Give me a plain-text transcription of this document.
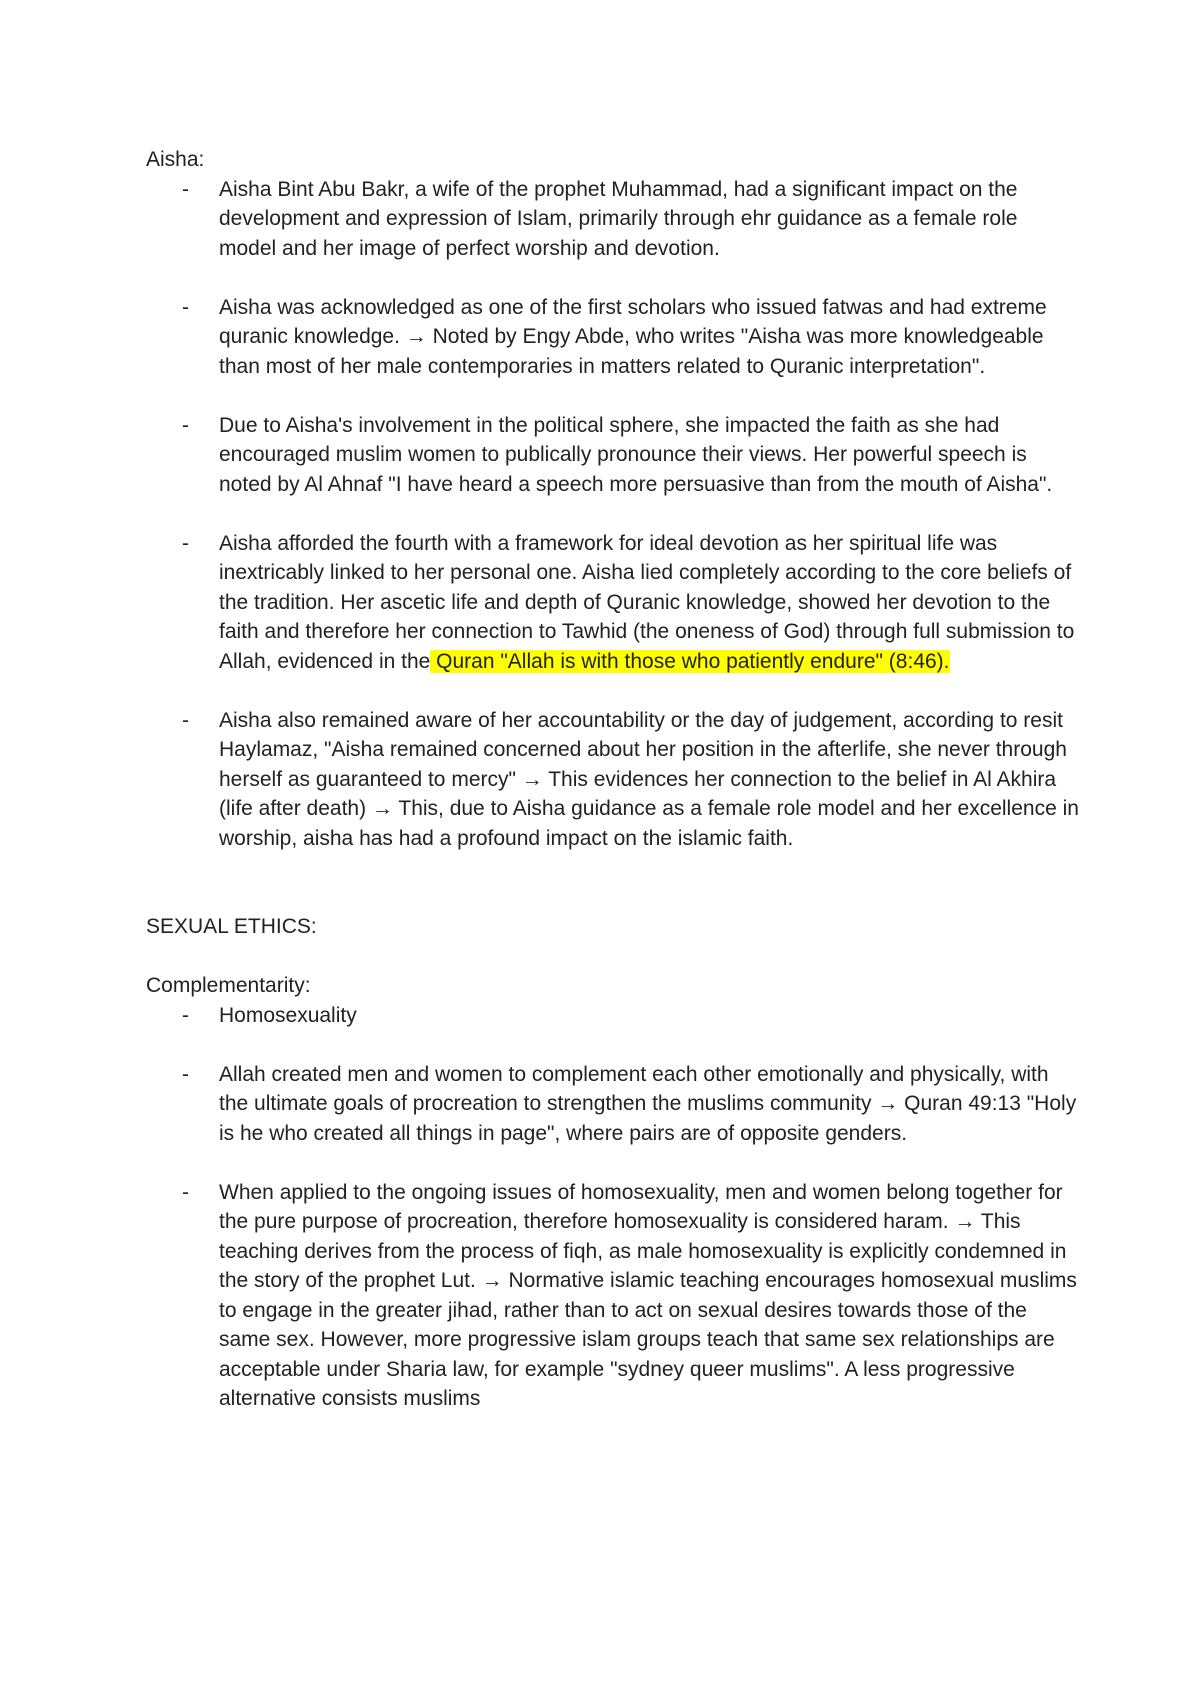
Aisha:

- Aisha Bint Abu Bakr, a wife of the prophet Muhammad, had a significant impact on the development and expression of Islam, primarily through ehr guidance as a female role model and her image of perfect worship and devotion.
- Aisha was acknowledged as one of the first scholars who issued fatwas and had extreme quranic knowledge. → Noted by Engy Abde, who writes "Aisha was more knowledgeable than most of her male contemporaries in matters related to Quranic interpretation".
- Due to Aisha's involvement in the political sphere, she impacted the faith as she had encouraged muslim women to publically pronounce their views. Her powerful speech is noted by Al Ahnaf "I have heard a speech more persuasive than from the mouth of Aisha".
- Aisha afforded the fourth with a framework for ideal devotion as her spiritual life was inextricably linked to her personal one. Aisha lied completely according to the core beliefs of the tradition. Her ascetic life and depth of Quranic knowledge, showed her devotion to the faith and therefore her connection to Tawhid (the oneness of God) through full submission to Allah, evidenced in the Quran "Allah is with those who patiently endure" (8:46).
- Aisha also remained aware of her accountability or the day of judgement, according to resit Haylamaz, "Aisha remained concerned about her position in the afterlife, she never through herself as guaranteed to mercy" → This evidences her connection to the belief in Al Akhira (life after death) → This, due to Aisha guidance as a female role model and her excellence in worship, aisha has had a profound impact on the islamic faith.

SEXUAL ETHICS:

Complementarity:

- Homosexuality
- Allah created men and women to complement each other emotionally and physically, with the ultimate goals of procreation to strengthen the muslims community → Quran 49:13 "Holy is he who created all things in page", where pairs are of opposite genders.
- When applied to the ongoing issues of homosexuality, men and women belong together for the pure purpose of procreation, therefore homosexuality is considered haram. → This teaching derives from the process of fiqh, as male homosexuality is explicitly condemned in the story of the prophet Lut. → Normative islamic teaching encourages homosexual muslims to engage in the greater jihad, rather than to act on sexual desires towards those of the same sex. However, more progressive islam groups teach that same sex relationships are acceptable under Sharia law, for example "sydney queer muslims". A less progressive alternative consists muslims
